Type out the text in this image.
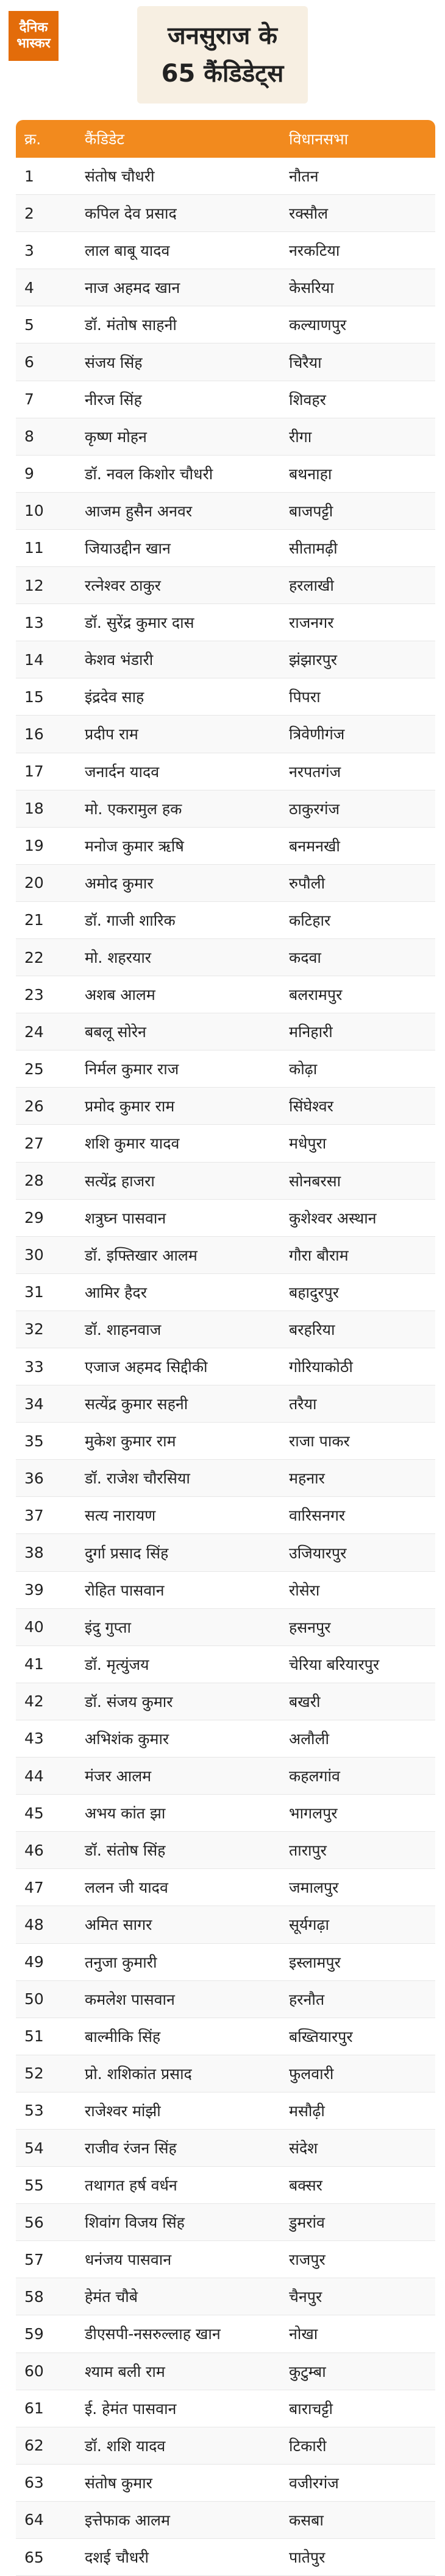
दैनिक
भास्कर	जनसुराज के
65 कैंडिडेट्स
क्र.	कैंडिडेट	विधानसभा
1	संतोष चौधरी	नौतन
2	कपिल देव प्रसाद	रक्सौल
3	लाल बाबू यादव	नरकटिया
4	नाज अहमद खान	केसरिया
5	डॉ. मंतोष साहनी	कल्याणपुर
6	संजय सिंह	चिरैया
7	नीरज सिंह	शिवहर
8	कृष्ण मोहन	रीगा
9	डॉ. नवल किशोर चौधरी	बथनाहा
10	आजम हुसैन अनवर	बाजपट्टी
11	जियाउद्दीन खान	सीतामढ़ी
12	रत्नेश्वर ठाकुर	हरलाखी
13	डॉ. सुरेंद्र कुमार दास	राजनगर
14	केशव भंडारी	झंझारपुर
15	इंद्रदेव साह	पिपरा
16	प्रदीप राम	त्रिवेणीगंज
17	जनार्दन यादव	नरपतगंज
18	मो. एकरामुल हक	ठाकुरगंज
19	मनोज कुमार ऋषि	बनमनखी
20	अमोद कुमार	रुपौली
21	डॉ. गाजी शारिक	कटिहार
22	मो. शहरयार	कदवा
23	अशब आलम	बलरामपुर
24	बबलू सोरेन	मनिहारी
25	निर्मल कुमार राज	कोढ़ा
26	प्रमोद कुमार राम	सिंघेश्वर
27	शशि कुमार यादव	मधेपुरा
28	सत्येंद्र हाजरा	सोनबरसा
29	शत्रुघ्न पासवान	कुशेश्वर अस्थान
30	डॉ. इफ्तिखार आलम	गौरा बौराम
31	आमिर हैदर	बहादुरपुर
32	डॉ. शाहनवाज	बरहरिया
33	एजाज अहमद सिद्दीकी	गोरियाकोठी
34	सत्येंद्र कुमार सहनी	तरैया
35	मुकेश कुमार राम	राजा पाकर
36	डॉ. राजेश चौरसिया	महनार
37	सत्य नारायण	वारिसनगर
38	दुर्गा प्रसाद सिंह	उजियारपुर
39	रोहित पासवान	रोसेरा
40	इंदु गुप्ता	हसनपुर
41	डॉ. मृत्युंजय	चेरिया बरियारपुर
42	डॉ. संजय कुमार	बखरी
43	अभिशंक कुमार	अलौली
44	मंजर आलम	कहलगांव
45	अभय कांत झा	भागलपुर
46	डॉ. संतोष सिंह	तारापुर
47	ललन जी यादव	जमालपुर
48	अमित सागर	सूर्यगढ़ा
49	तनुजा कुमारी	इस्लामपुर
50	कमलेश पासवान	हरनौत
51	बाल्मीकि सिंह	बख्तियारपुर
52	प्रो. शशिकांत प्रसाद	फुलवारी
53	राजेश्वर मांझी	मसौढ़ी
54	राजीव रंजन सिंह	संदेश
55	तथागत हर्ष वर्धन	बक्सर
56	शिवांग विजय सिंह	डुमरांव
57	धनंजय पासवान	राजपुर
58	हेमंत चौबे	चैनपुर
59	डीएसपी-नसरुल्लाह खान	नोखा
60	श्याम बली राम	कुटुम्बा
61	ई. हेमंत पासवान	बाराचट्टी
62	डॉ. शशि यादव	टिकारी
63	संतोष कुमार	वजीरगंज
64	इत्तेफाक आलम	कसबा
65	दशई चौधरी	पातेपुर
